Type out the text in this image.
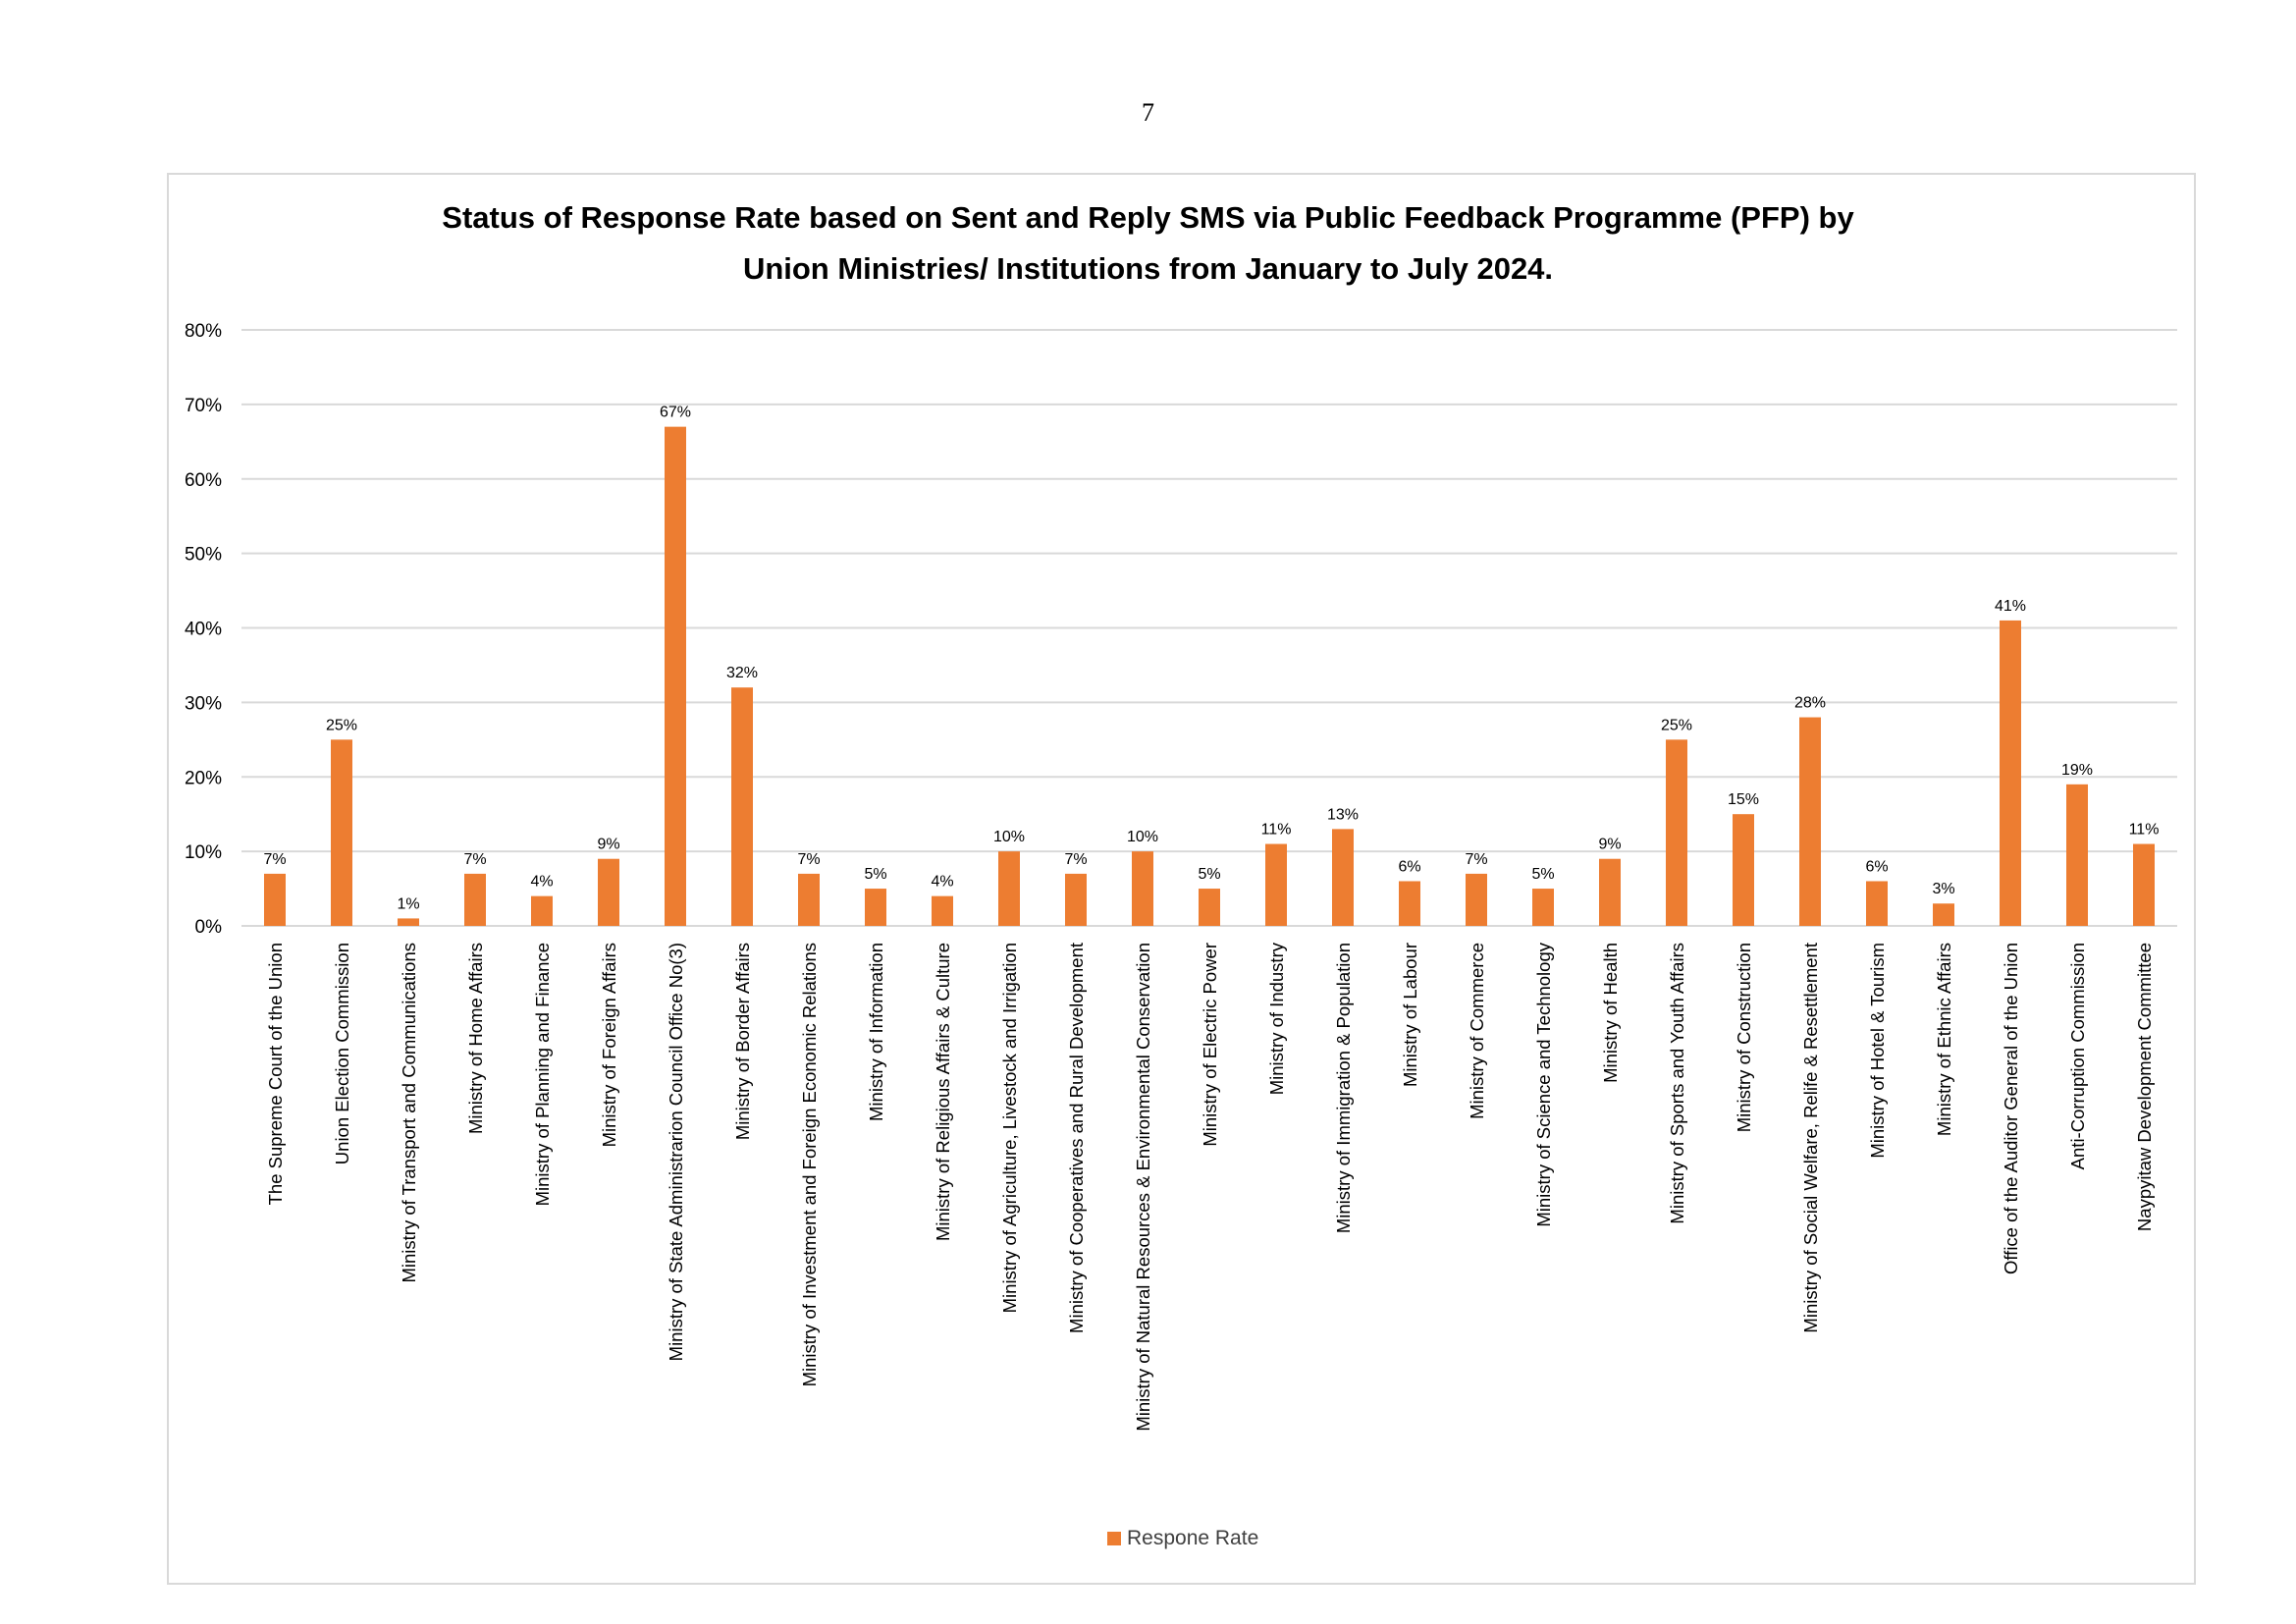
7
Status of Response Rate based on Sent and Reply SMS via Public Feedback Programme (PFP) by
Union Ministries/ Institutions from January to July 2024.
0%
10%
20%
30%
40%
50%
60%
70%
80%
7%
The Supreme Court of the Union
25%
Union Election Commission
1%
Ministry of Transport and Communications
7%
Ministry of Home Affairs
4%
Ministry of Planning and Finance
9%
Ministry of Foreign Affairs
67%
Ministry of State Administrarion Council Office No(3)
32%
Ministry of Border Affairs
7%
Ministry of Investment and Foreign Economic Relations
5%
Ministry of Information
4%
Ministry of Religious Affairs & Culture
10%
Ministry of Agriculture, Livestock and Irrigation
7%
Ministry of Cooperatives and Rural Development
10%
Ministry of Natural Resources & Environmental Conservation
5%
Ministry of Electric Power
11%
Ministry of Industry
13%
Ministry of Immigration & Population
6%
Ministry of Labour
7%
Ministry of Commerce
5%
Ministry of Science and Technology
9%
Ministry of Health
25%
Ministry of Sports and Youth Affairs
15%
Ministry of Construction
28%
Ministry of Social Welfare, Relife & Resettlement
6%
Ministry of Hotel & Tourism
3%
Ministry of Ethnic Affairs
41%
Office of the Auditor General of the Union
19%
Anti-Corruption Commission
11%
Naypyitaw Development Committee
Respone Rate
